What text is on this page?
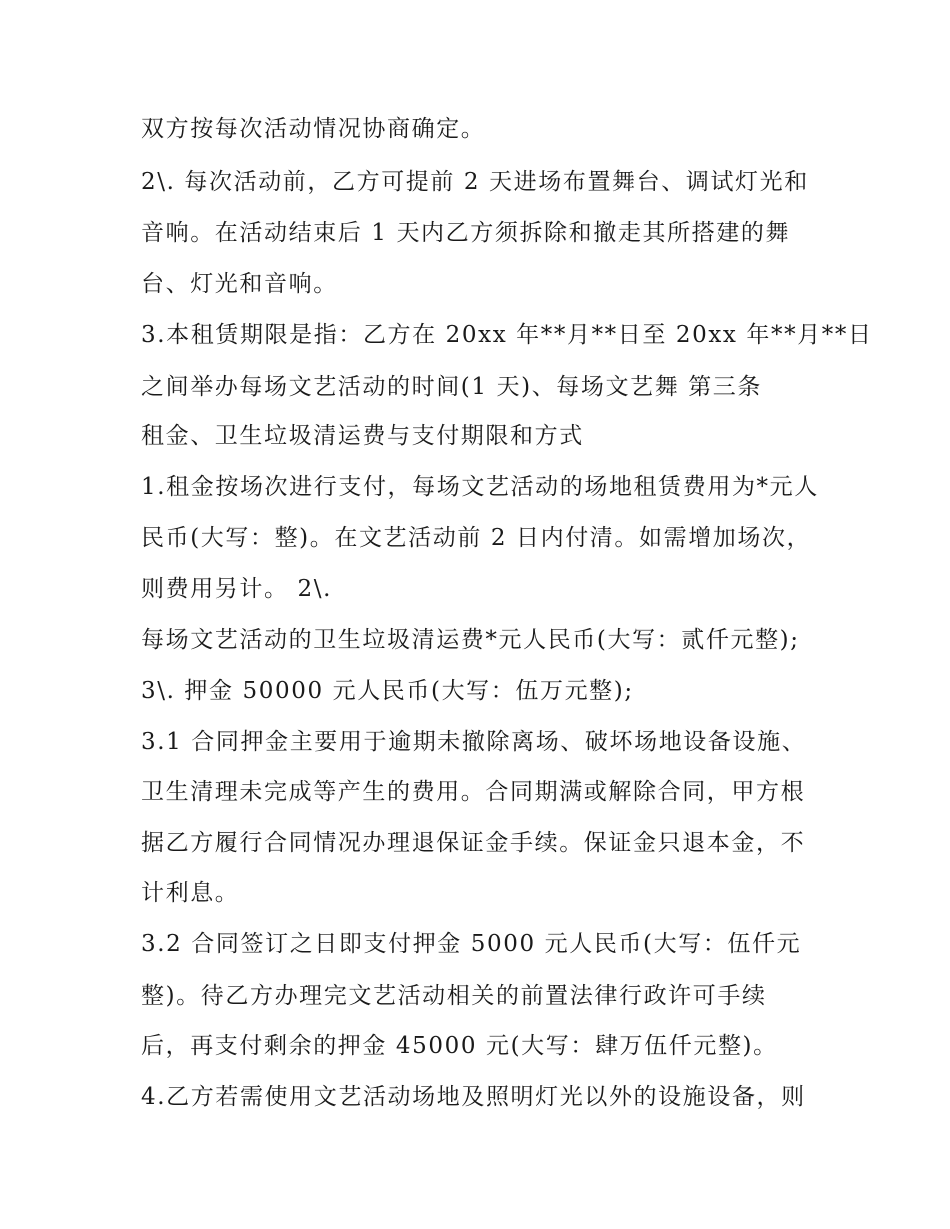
双方按每次活动情况协商确定。

2\. 每次活动前，乙方可提前 2 天进场布置舞台、调试灯光和

音响。在活动结束后 1 天内乙方须拆除和撤走其所搭建的舞

台、灯光和音响。

3.本租赁期限是指：乙方在 20xx 年**月**日至 20xx 年**月**日

之间举办每场文艺活动的时间(1 天)、每场文艺舞 第三条

租金、卫生垃圾清运费与支付期限和方式

1.租金按场次进行支付，每场文艺活动的场地租赁费用为*元人

民币(大写：整)。在文艺活动前 2 日内付清。如需增加场次，

则费用另计。 2\.

每场文艺活动的卫生垃圾清运费*元人民币(大写：贰仟元整);

3\. 押金 50000 元人民币(大写：伍万元整);

3.1 合同押金主要用于逾期未撤除离场、破坏场地设备设施、

卫生清理未完成等产生的费用。合同期满或解除合同，甲方根

据乙方履行合同情况办理退保证金手续。保证金只退本金，不

计利息。

3.2 合同签订之日即支付押金 5000 元人民币(大写：伍仟元

整)。待乙方办理完文艺活动相关的前置法律行政许可手续

后，再支付剩余的押金 45000 元(大写：肆万伍仟元整)。

4.乙方若需使用文艺活动场地及照明灯光以外的设施设备，则
